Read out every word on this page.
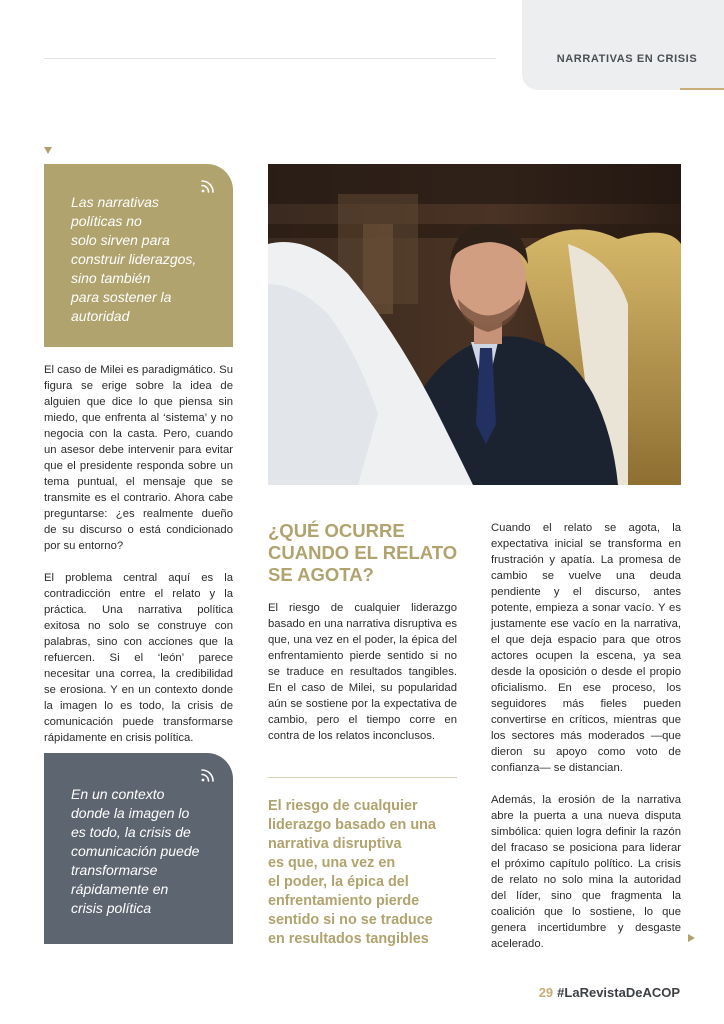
NARRATIVAS EN CRISIS
Las narrativas
políticas no
solo sirven para
construir liderazgos,
sino también
para sostener la
autoridad

El caso de Milei es paradigmático. Su figura se erige sobre la idea de alguien que dice lo que piensa sin miedo, que enfrenta al ‘sistema’ y no negocia con la casta. Pero, cuando un asesor debe intervenir para evitar que el presidente responda sobre un tema puntual, el mensaje que se transmite es el contrario. Ahora cabe preguntarse: ¿es realmente dueño de su discurso o está condicionado por su entorno?

El problema central aquí es la contradicción entre el relato y la práctica. Una narrativa política exitosa no solo se construye con palabras, sino con acciones que la refuercen. Si el ‘león’ parece necesitar una correa, la credibilidad se erosiona. Y en un contexto donde la imagen lo es todo, la crisis de comunicación puede transformarse rápidamente en crisis política.

En un contexto
donde la imagen lo
es todo, la crisis de
comunicación puede
transformarse
rápidamente en
crisis política
¿QUÉ OCURRE
CUANDO EL RELATO
SE AGOTA?

El riesgo de cualquier liderazgo basado en una narrativa disruptiva es que, una vez en el poder, la épica del enfrentamiento pierde sentido si no se traduce en resultados tangibles. En el caso de Milei, su popularidad aún se sostiene por la expectativa de cambio, pero el tiempo corre en contra de los relatos inconclusos.

El riesgo de cualquier
liderazgo basado en una
narrativa disruptiva
es que, una vez en
el poder, la épica del
enfrentamiento pierde
sentido si no se traduce
en resultados tangibles

Cuando el relato se agota, la expectativa inicial se transforma en frustración y apatía. La promesa de cambio se vuelve una deuda pendiente y el discurso, antes potente, empieza a sonar vacío. Y es justamente ese vacío en la narrativa, el que deja espacio para que otros actores ocupen la escena, ya sea desde la oposición o desde el propio oficialismo. En ese proceso, los seguidores más fieles pueden convertirse en críticos, mientras que los sectores más moderados —que dieron su apoyo como voto de confianza— se distancian.

Además, la erosión de la narrativa abre la puerta a una nueva disputa simbólica: quien logra definir la razón del fracaso se posiciona para liderar el próximo capítulo político. La crisis de relato no solo mina la autoridad del líder, sino que fragmenta la coalición que lo sostiene, lo que genera incertidumbre y desgaste acelerado.

29 #LaRevistaDeACOP
